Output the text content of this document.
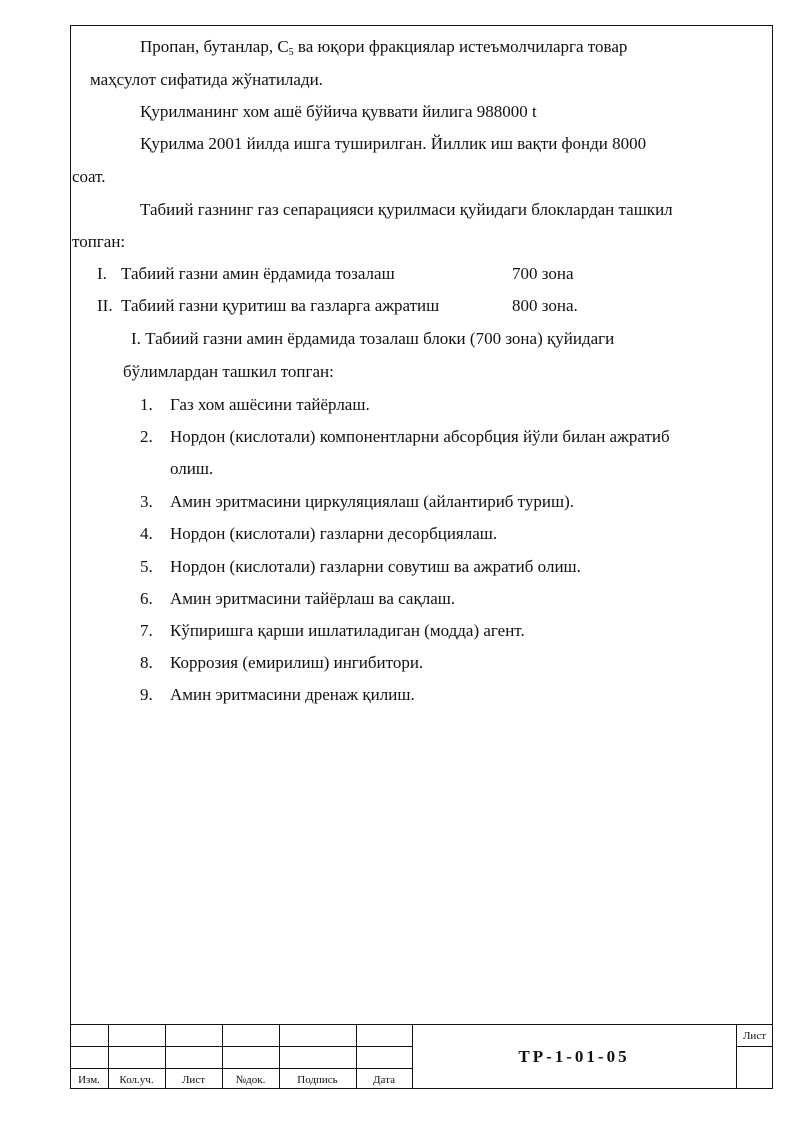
Пропан, бутанлар, $С_5$ ва юқори фракциялар истеъмолчиларга товар
маҳсулот сифатида жўнатилади.
Қурилманинг хом ашё бўйича қуввати йилига 988000 t
Қурилма 2001 йилда ишга туширилган. Йиллик иш вақти фонди 8000
соат.
Табиий газнинг газ сепарацияси қурилмаси қуйидаги блоклардан ташкил
топган:
I. Табиий газни амин ёрдамида тозалаш	700 зона
II. Табиий газни қуритиш ва газларга ажратиш	800 зона.
I. Табиий газни амин ёрдамида тозалаш блоки (700 зона) қуйидаги
бўлимлардан ташкил топган:
1. Газ хом ашёсини тайёрлаш.
2. Нордон (кислотали) компонентларни абсорбция йўли билан ажратиб
олиш.
3. Амин эритмасини циркуляциялаш (айлантириб туриш).
4. Нордон (кислотали) газларни десорбциялаш.
5. Нордон (кислотали) газларни совутиш ва ажратиб олиш.
6. Амин эритмасини тайёрлаш ва сақлаш.
7. Кўпиришга қарши ишлатиладиган (модда) агент.
8. Коррозия (емирилиш) ингибитори.
9. Амин эритмасини дренаж қилиш.
Изм.	Кол.уч.	Лист	№док.	Подпись	Дата
Лист
ТР-1-01-05
